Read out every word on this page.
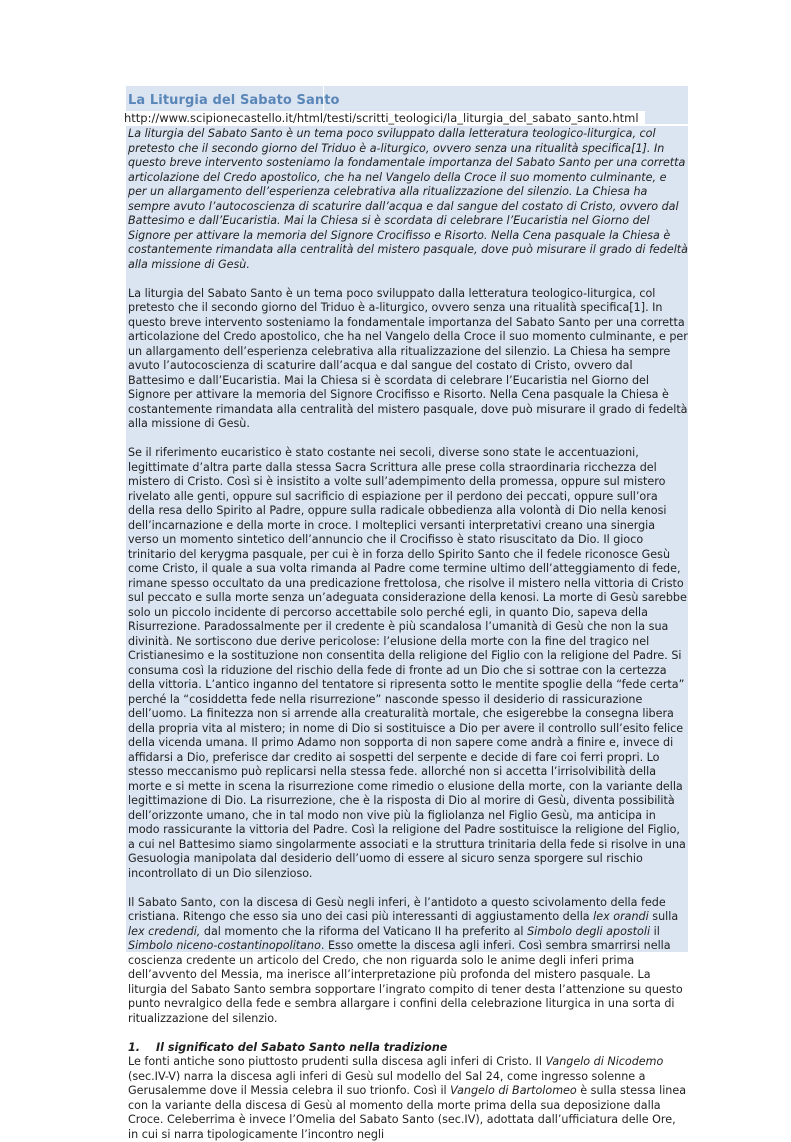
La Liturgia del Sabato Santo

http://www.scipionecastello.it/html/testi/scritti_teologici/la_liturgia_del_sabato_santo.html

La liturgia del Sabato Santo è un tema poco sviluppato dalla letteratura teologico-liturgica, col pretesto che il secondo giorno del Triduo è a-liturgico, ovvero senza una ritualità specifica[1]. In questo breve intervento sosteniamo la fondamentale importanza del Sabato Santo per una corretta articolazione del Credo apostolico, che ha nel Vangelo della Croce il suo momento culminante, e per un allargamento dell’esperienza celebrativa alla ritualizzazione del silenzio. La Chiesa ha sempre avuto l’autocoscienza di scaturire dall’acqua e dal sangue del costato di Cristo, ovvero dal Battesimo e dall’Eucaristia. Mai la Chiesa si è scordata di celebrare l’Eucaristia nel Giorno del Signore per attivare la memoria del Signore Crocifisso e Risorto. Nella Cena pasquale la Chiesa è costantemente rimandata alla centralità del mistero pasquale, dove può misurare il grado di fedeltà alla missione di Gesù.

La liturgia del Sabato Santo è un tema poco sviluppato dalla letteratura teologico-liturgica, col pretesto che il secondo giorno del Triduo è a-liturgico, ovvero senza una ritualità specifica[1]. In questo breve intervento sosteniamo la fondamentale importanza del Sabato Santo per una corretta articolazione del Credo apostolico, che ha nel Vangelo della Croce il suo momento culminante, e per un allargamento dell’esperienza celebrativa alla ritualizzazione del silenzio. La Chiesa ha sempre avuto l’autocoscienza di scaturire dall’acqua e dal sangue del costato di Cristo, ovvero dal Battesimo e dall’Eucaristia. Mai la Chiesa si è scordata di celebrare l’Eucaristia nel Giorno del Signore per attivare la memoria del Signore Crocifisso e Risorto. Nella Cena pasquale la Chiesa è costantemente rimandata alla centralità del mistero pasquale, dove può misurare il grado di fedeltà alla missione di Gesù.

Se il riferimento eucaristico è stato costante nei secoli, diverse sono state le accentuazioni, legittimate d’altra parte dalla stessa Sacra Scrittura alle prese colla straordinaria ricchezza del mistero di Cristo. Così si è insistito a volte sull’adempimento della promessa, oppure sul mistero rivelato alle genti, oppure sul sacrificio di espiazione per il perdono dei peccati, oppure sull’ora della resa dello Spirito al Padre, oppure sulla radicale obbedienza alla volontà di Dio nella kenosi dell’incarnazione e della morte in croce. I molteplici versanti interpretativi creano una sinergia verso un momento sintetico dell’annuncio che il Crocifisso è stato risuscitato da Dio. Il gioco trinitario del kerygma pasquale, per cui è in forza dello Spirito Santo che il fedele riconosce Gesù come Cristo, il quale a sua volta rimanda al Padre come termine ultimo dell’atteggiamento di fede, rimane spesso occultato da una predicazione frettolosa, che risolve il mistero nella vittoria di Cristo sul peccato e sulla morte senza un’adeguata considerazione della kenosi. La morte di Gesù sarebbe solo un piccolo incidente di percorso accettabile solo perché egli, in quanto Dio, sapeva della Risurrezione. Paradossalmente per il credente è più scandalosa l’umanità di Gesù che non la sua divinità. Ne sortiscono due derive pericolose: l’elusione della morte con la fine del tragico nel Cristianesimo e la sostituzione non consentita della religione del Figlio con la religione del Padre. Si consuma così la riduzione del rischio della fede di fronte ad un Dio che si sottrae con la certezza della vittoria. L’antico inganno del tentatore si ripresenta sotto le mentite spoglie della “fede certa” perché la “cosiddetta fede nella risurrezione” nasconde spesso il desiderio di rassicurazione dell’uomo. La finitezza non si arrende alla creaturalità mortale, che esigerebbe la consegna libera della propria vita al mistero; in nome di Dio si sostituisce a Dio per avere il controllo sull’esito felice della vicenda umana. Il primo Adamo non sopporta di non sapere come andrà a finire e, invece di affidarsi a Dio, preferisce dar credito ai sospetti del serpente e decide di fare coi ferri propri. Lo stesso meccanismo può replicarsi nella stessa fede. allorché non si accetta l’irrisolvibilità della morte e si mette in scena la risurrezione come rimedio o elusione della morte, con la variante della legittimazione di Dio. La risurrezione, che è la risposta di Dio al morire di Gesù, diventa possibilità dell’orizzonte umano, che in tal modo non vive più la figliolanza nel Figlio Gesù, ma anticipa in modo rassicurante la vittoria del Padre. Così la religione del Padre sostituisce la religione del Figlio, a cui nel Battesimo siamo singolarmente associati e la struttura trinitaria della fede si risolve in una Gesuologia manipolata dal desiderio dell’uomo di essere al sicuro senza sporgere sul rischio incontrollato di un Dio silenzioso.

Il Sabato Santo, con la discesa di Gesù negli inferi, è l’antidoto a questo scivolamento della fede cristiana. Ritengo che esso sia uno dei casi più interessanti di aggiustamento della lex orandi sulla lex credendi, dal momento che la riforma del Vaticano II ha preferito al Simbolo degli apostoli il Simbolo niceno-costantinopolitano. Esso omette la discesa agli inferi. Così sembra smarrirsi nella coscienza credente un articolo del Credo, che non riguarda solo le anime degli inferi prima dell’avvento del Messia, ma inerisce all’interpretazione più profonda del mistero pasquale. La liturgia del Sabato Santo sembra sopportare l’ingrato compito di tener desta l’attenzione su questo punto nevralgico della fede e sembra allargare i confini della celebrazione liturgica in una sorta di ritualizzazione del silenzio.

1. Il significato del Sabato Santo nella tradizione

Le fonti antiche sono piuttosto prudenti sulla discesa agli inferi di Cristo. Il Vangelo di Nicodemo (sec.IV-V) narra la discesa agli inferi di Gesù sul modello del Sal 24, come ingresso solenne a Gerusalemme dove il Messia celebra il suo trionfo. Così il Vangelo di Bartolomeo è sulla stessa linea con la variante della discesa di Gesù al momento della morte prima della sua deposizione dalla Croce. Celeberrima è invece l’Omelia del Sabato Santo (sec.IV), adottata dall’ufficiatura delle Ore, in cui si narra tipologicamente l’incontro negli
